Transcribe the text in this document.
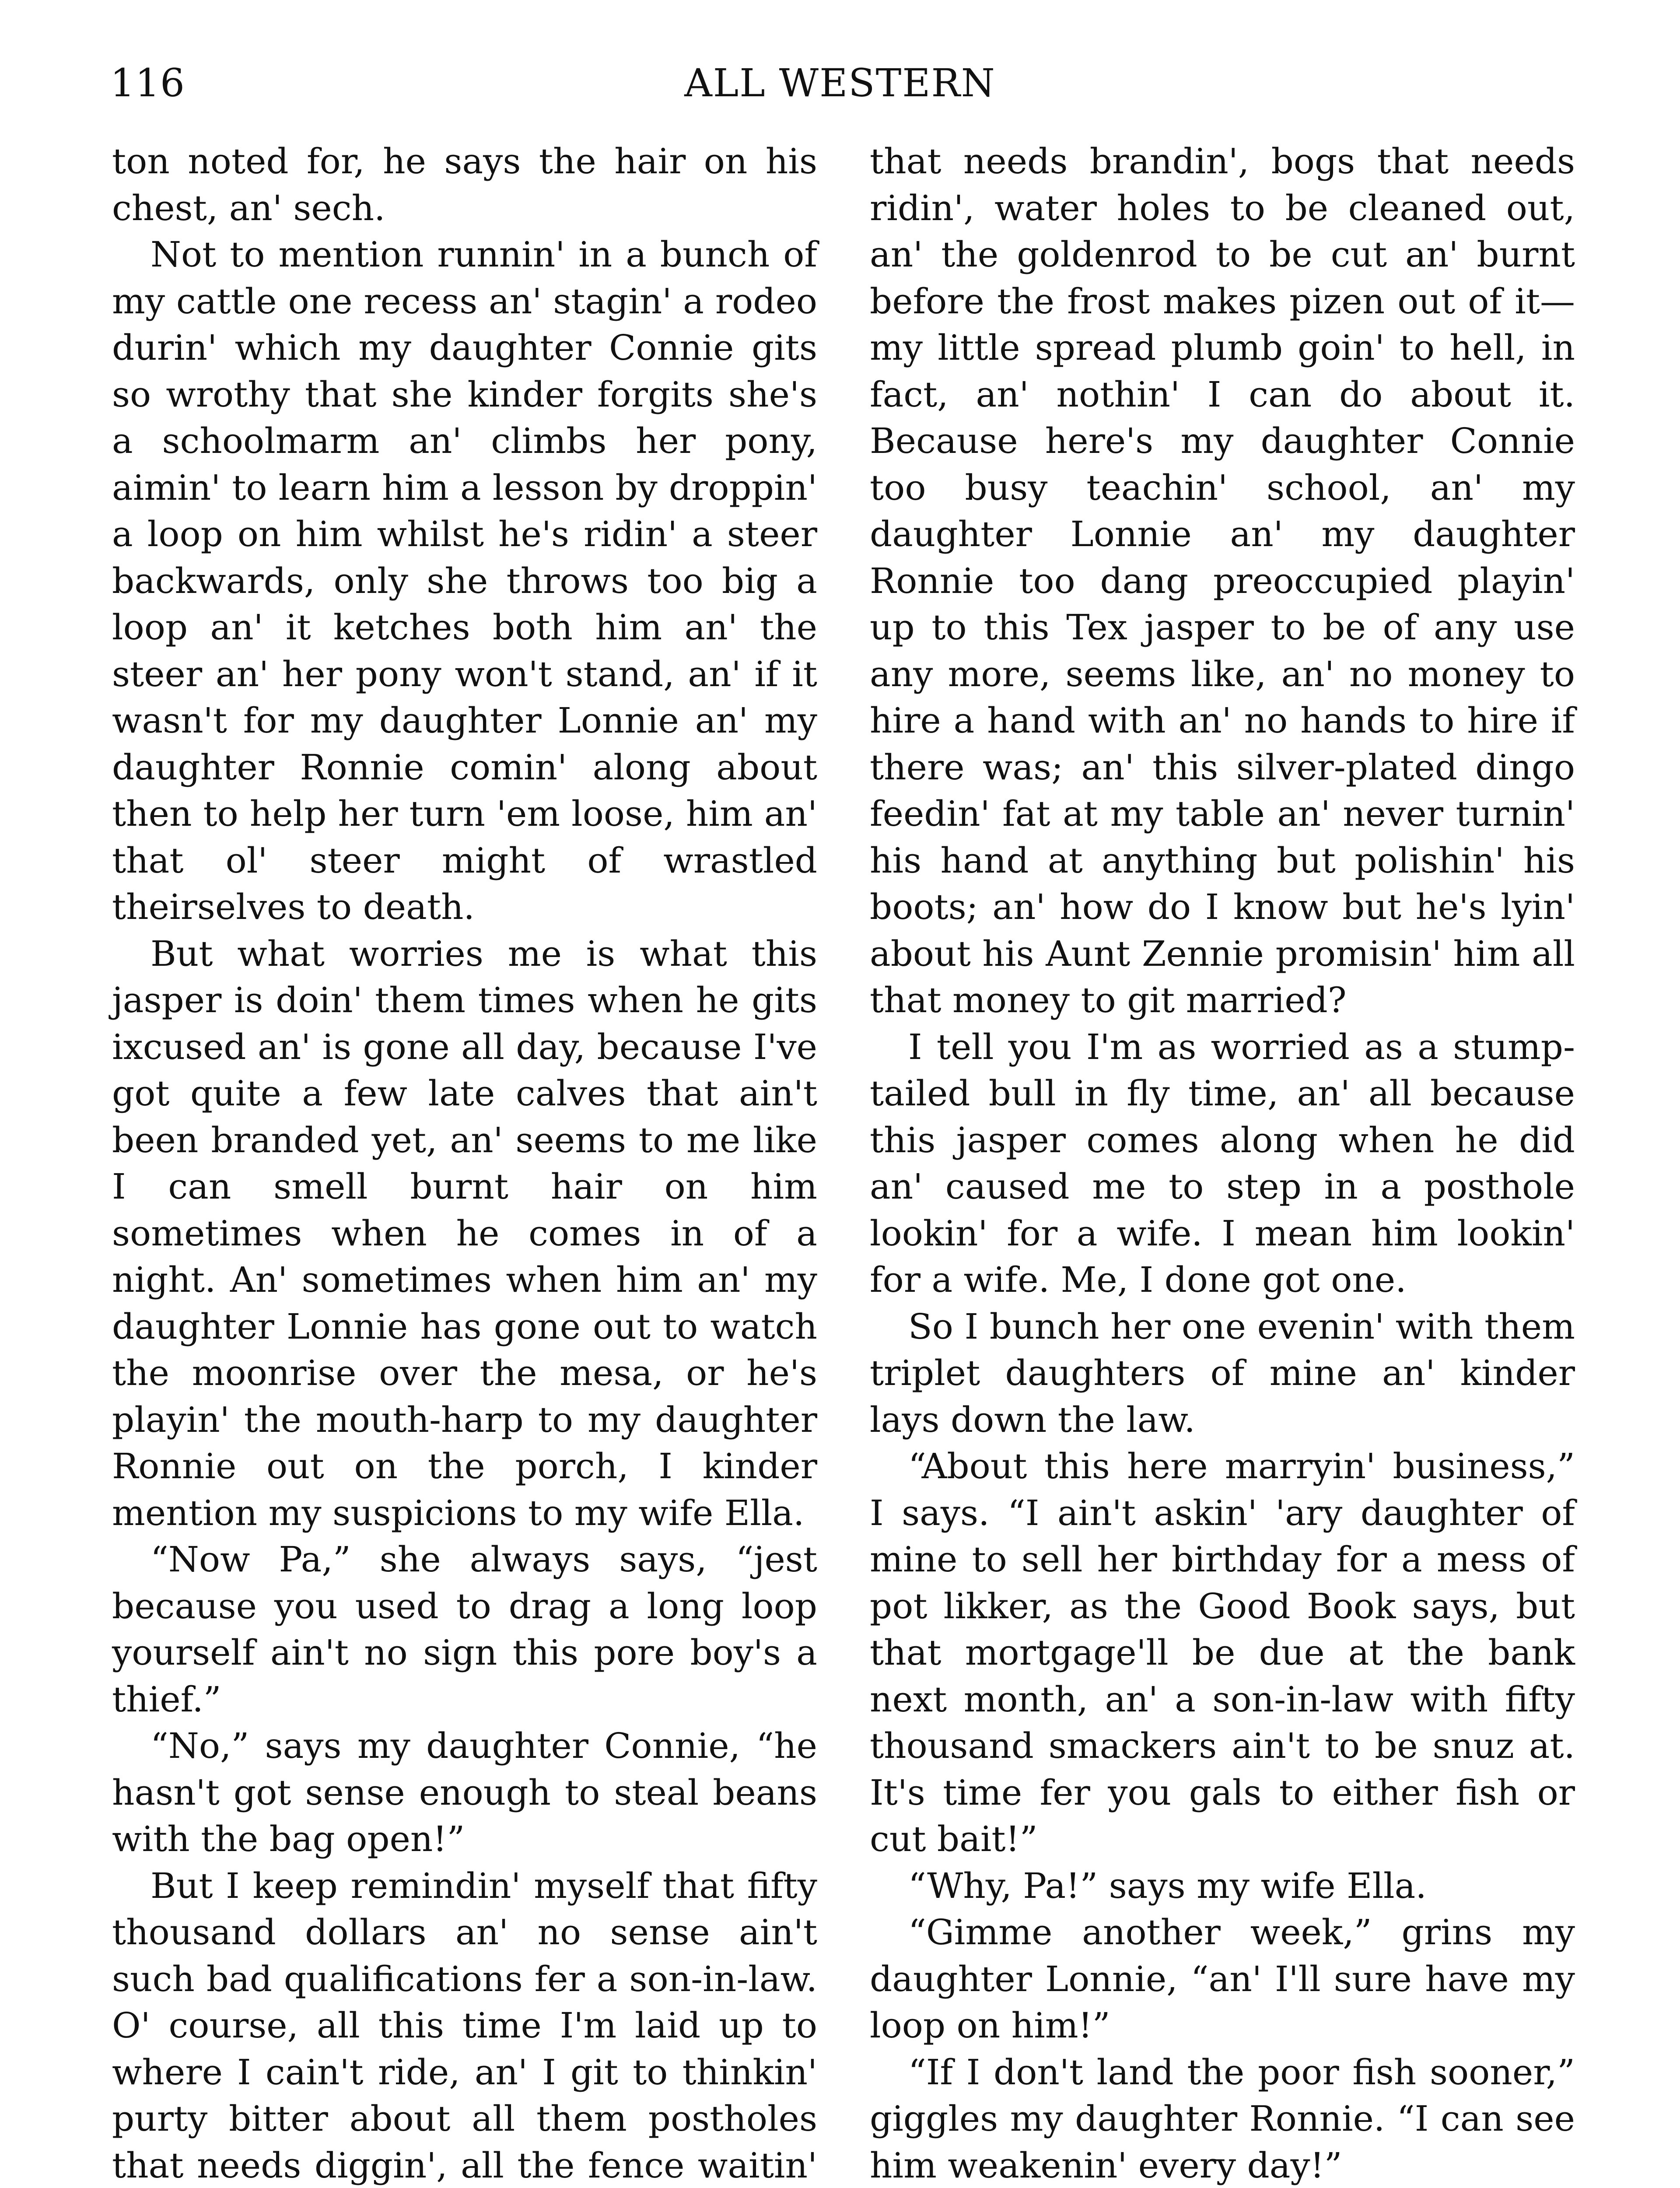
116	ALL WESTERN

ton noted for, he says the hair on his chest, an' sech.

Not to mention runnin' in a bunch of my cattle one recess an' stagin' a rodeo durin' which my daughter Connie gits so wrothy that she kinder forgits she's a schoolmarm an' climbs her pony, aimin' to learn him a lesson by droppin' a loop on him whilst he's ridin' a steer backwards, only she throws too big a loop an' it ketches both him an' the steer an' her pony won't stand, an' if it wasn't for my daughter Lonnie an' my daughter Ronnie comin' along about then to help her turn 'em loose, him an' that ol' steer might of wrastled theirselves to death.

But what worries me is what this jasper is doin' them times when he gits ixcused an' is gone all day, because I've got quite a few late calves that ain't been branded yet, an' seems to me like I can smell burnt hair on him sometimes when he comes in of a night. An' sometimes when him an' my daughter Lonnie has gone out to watch the moonrise over the mesa, or he's playin' the mouth-harp to my daughter Ronnie out on the porch, I kinder mention my suspicions to my wife Ella.

“Now Pa,” she always says, “jest because you used to drag a long loop yourself ain't no sign this pore boy's a thief.”

“No,” says my daughter Connie, “he hasn't got sense enough to steal beans with the bag open!”

But I keep remindin' myself that fifty thousand dollars an' no sense ain't such bad qualifications fer a son-in-law. O' course, all this time I'm laid up to where I cain't ride, an' I git to thinkin' purty bitter about all them postholes that needs diggin', all the fence waitin'

that needs brandin', bogs that needs ridin', water holes to be cleaned out, an' the goldenrod to be cut an' burnt before the frost makes pizen out of it—my little spread plumb goin' to hell, in fact, an' nothin' I can do about it. Because here's my daughter Connie too busy teachin' school, an' my daughter Lonnie an' my daughter Ronnie too dang preoccupied playin' up to this Tex jasper to be of any use any more, seems like, an' no money to hire a hand with an' no hands to hire if there was; an' this silver-plated dingo feedin' fat at my table an' never turnin' his hand at anything but polishin' his boots; an' how do I know but he's lyin' about his Aunt Zennie promisin' him all that money to git married?

I tell you I'm as worried as a stump-tailed bull in fly time, an' all because this jasper comes along when he did an' caused me to step in a posthole lookin' for a wife. I mean him lookin' for a wife. Me, I done got one.

So I bunch her one evenin' with them triplet daughters of mine an' kinder lays down the law.

“About this here marryin' business,” I says. “I ain't askin' 'ary daughter of mine to sell her birthday for a mess of pot likker, as the Good Book says, but that mortgage'll be due at the bank next month, an' a son-in-law with fifty thousand smackers ain't to be snuz at. It's time fer you gals to either fish or cut bait!”

“Why, Pa!” says my wife Ella.

“Gimme another week,” grins my daughter Lonnie, “an' I'll sure have my loop on him!”

“If I don't land the poor fish sooner,” giggles my daughter Ronnie. “I can see him weakenin' every day!”
